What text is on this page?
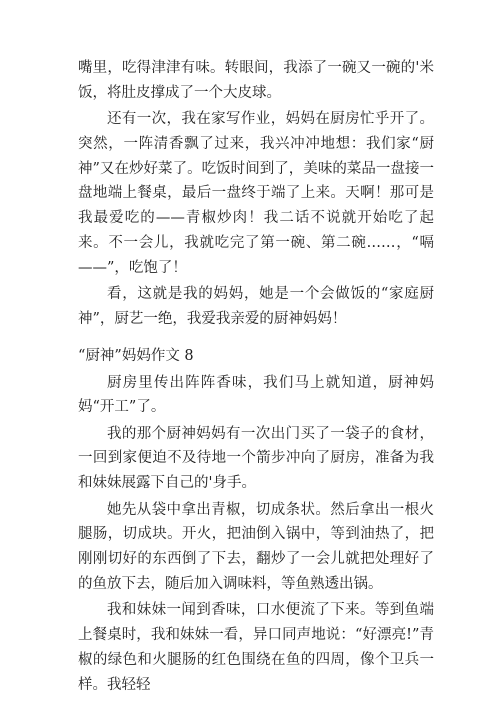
嘴里，吃得津津有味。转眼间，我添了一碗又一碗的'米饭，将肚皮撑成了一个大皮球。

还有一次，我在家写作业，妈妈在厨房忙乎开了。突然，一阵清香飘了过来，我兴冲冲地想：我们家“厨神”又在炒好菜了。吃饭时间到了，美味的菜品一盘接一盘地端上餐桌，最后一盘终于端了上来。天啊！那可是我最爱吃的——青椒炒肉！我二话不说就开始吃了起来。不一会儿，我就吃完了第一碗、第二碗……，“嗝——”，吃饱了！

看，这就是我的妈妈，她是一个会做饭的“家庭厨神”，厨艺一绝，我爱我亲爱的厨神妈妈！

“厨神”妈妈作文 8

厨房里传出阵阵香味，我们马上就知道，厨神妈妈“开工”了。

我的那个厨神妈妈有一次出门买了一袋子的食材，一回到家便迫不及待地一个箭步冲向了厨房，准备为我和妹妹展露下自己的'身手。

她先从袋中拿出青椒，切成条状。然后拿出一根火腿肠，切成块。开火，把油倒入锅中，等到油热了，把刚刚切好的东西倒了下去，翻炒了一会儿就把处理好了的鱼放下去，随后加入调味料，等鱼熟透出锅。

我和妹妹一闻到香味，口水便流了下来。等到鱼端上餐桌时，我和妹妹一看，异口同声地说：“好漂亮!”青椒的绿色和火腿肠的红色围绕在鱼的四周，像个卫兵一样。我轻轻
